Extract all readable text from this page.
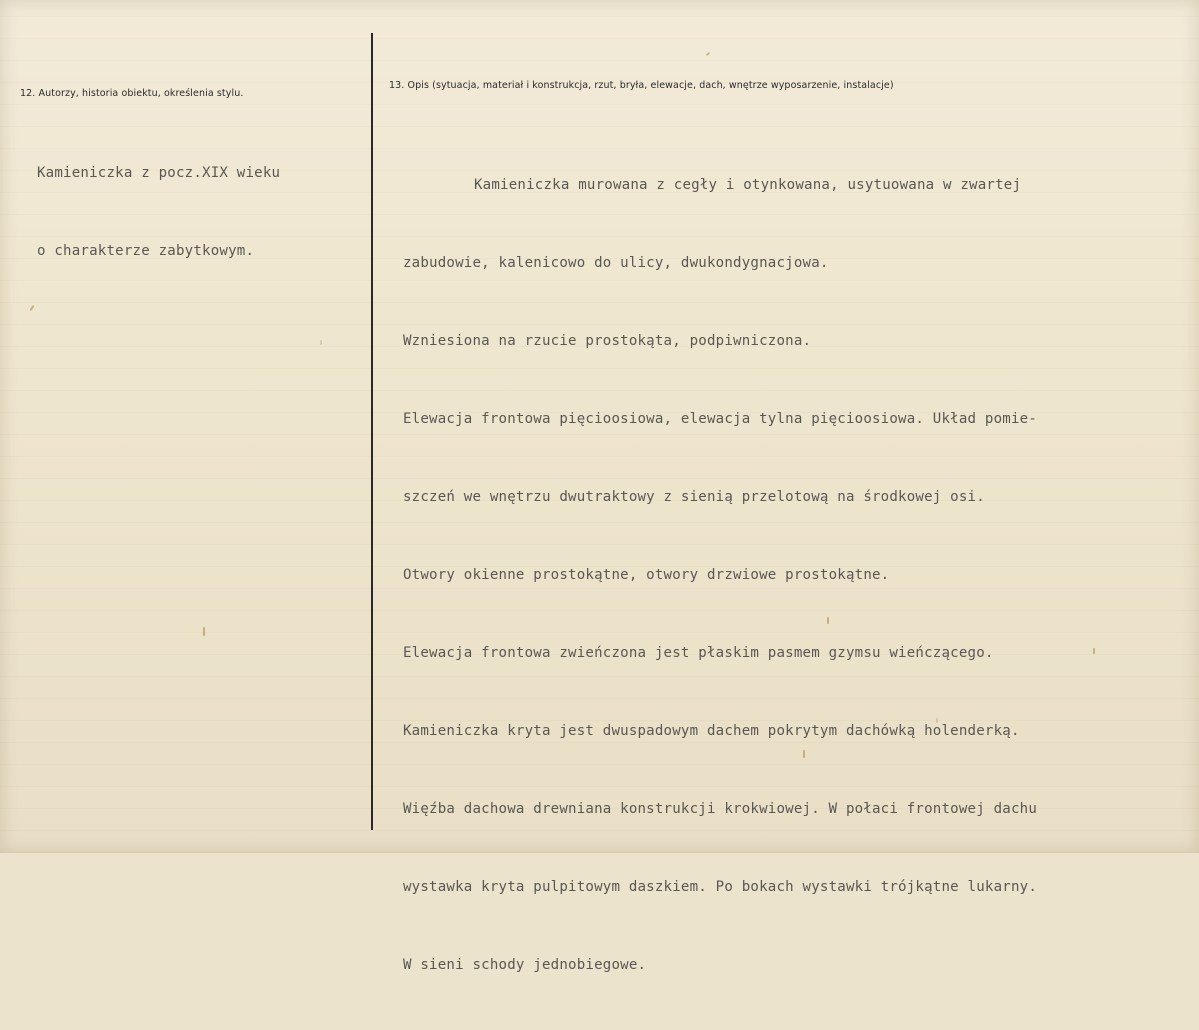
12. Autorzy, historia obiektu, określenia stylu.

Kamieniczka z pocz.XIX wieku

o charakterze zabytkowym.

13. Opis (sytuacja, materiał i konstrukcja, rzut, bryła, elewacje, dach, wnętrze wyposarzenie, instalacje)

Kamieniczka murowana z cegły i otynkowana, usytuowana w zwartej

zabudowie, kalenicowo do ulicy, dwukondygnacjowa.

Wzniesiona na rzucie prostokąta, podpiwniczona.

Elewacja frontowa pięcioosiowa, elewacja tylna pięcioosiowa. Układ pomie-

szczeń we wnętrzu dwutraktowy z sienią przelotową na środkowej osi.

Otwory okienne prostokątne, otwory drzwiowe prostokątne.

Elewacja frontowa zwieńczona jest płaskim pasmem gzymsu wieńczącego.

Kamieniczka kryta jest dwuspadowym dachem pokrytym dachówką holenderką.

Więźba dachowa drewniana konstrukcji krokwiowej. W połaci frontowej dachu

wystawka kryta pulpitowym daszkiem. Po bokach wystawki trójkątne lukarny.

W sieni schody jednobiegowe.
